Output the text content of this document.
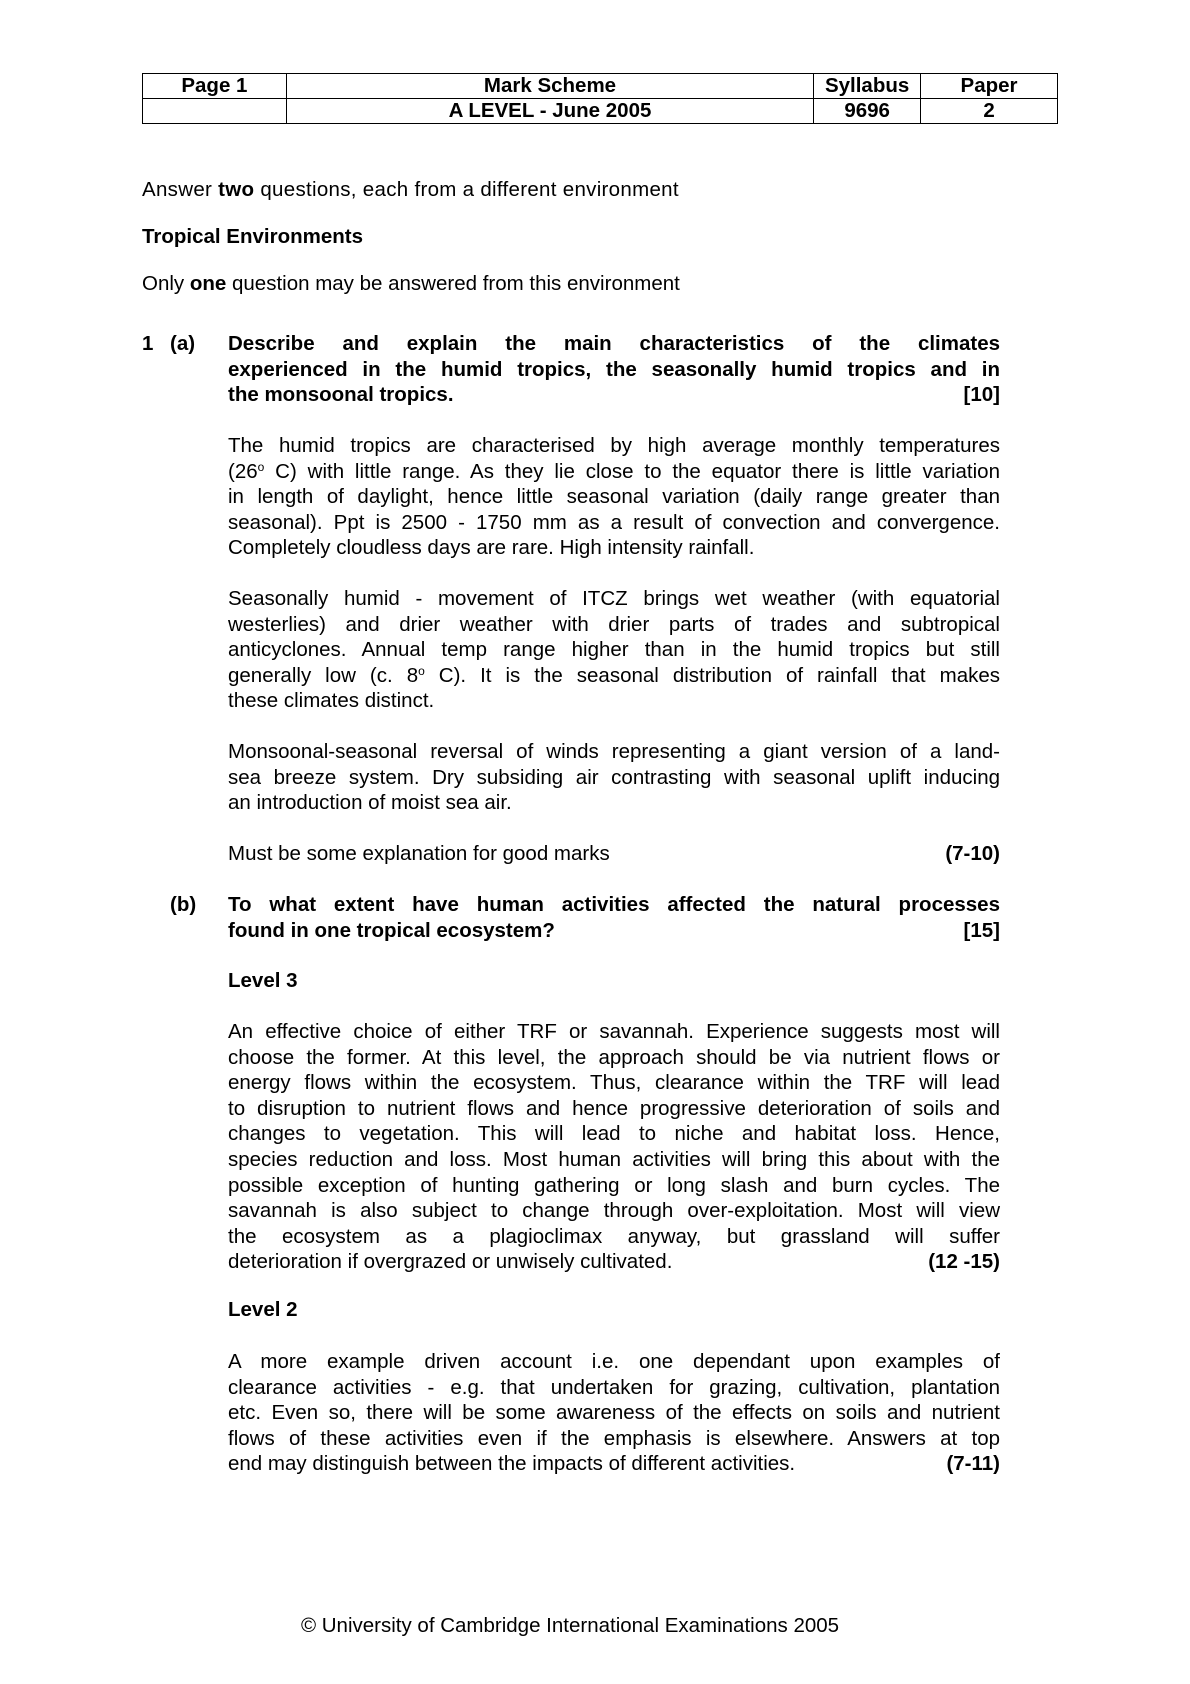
Page 1	Mark Scheme	Syllabus	Paper
	A LEVEL - June 2005	9696	2

Answer two questions, each from a different environment

Tropical Environments

Only one question may be answered from this environment

1 (a) Describe and explain the main characteristics of the climates
experienced in the humid tropics, the seasonally humid tropics and in
the monsoonal tropics.	[10]
The humid tropics are characterised by high average monthly temperatures
(26$^o$ C) with little range. As they lie close to the equator there is little variation
in length of daylight, hence little seasonal variation (daily range greater than
seasonal). Ppt is 2500 - 1750 mm as a result of convection and convergence.
Completely cloudless days are rare. High intensity rainfall.
Seasonally humid - movement of ITCZ brings wet weather (with equatorial
westerlies) and drier weather with drier parts of trades and subtropical
anticyclones. Annual temp range higher than in the humid tropics but still
generally low (c. 8$^o$ C). It is the seasonal distribution of rainfall that makes
these climates distinct.
Monsoonal-seasonal reversal of winds representing a giant version of a land-
sea breeze system. Dry subsiding air contrasting with seasonal uplift inducing
an introduction of moist sea air.
Must be some explanation for good marks	(7-10)

(b) To what extent have human activities affected the natural processes
found in one tropical ecosystem?	[15]

Level 3

An effective choice of either TRF or savannah. Experience suggests most will
choose the former. At this level, the approach should be via nutrient flows or
energy flows within the ecosystem. Thus, clearance within the TRF will lead
to disruption to nutrient flows and hence progressive deterioration of soils and
changes to vegetation. This will lead to niche and habitat loss. Hence,
species reduction and loss. Most human activities will bring this about with the
possible exception of hunting gathering or long slash and burn cycles. The
savannah is also subject to change through over-exploitation. Most will view
the ecosystem as a plagioclimax anyway, but grassland will suffer
deterioration if overgrazed or unwisely cultivated.	(12 -15)

Level 2

A more example driven account i.e. one dependant upon examples of
clearance activities - e.g. that undertaken for grazing, cultivation, plantation
etc. Even so, there will be some awareness of the effects on soils and nutrient
flows of these activities even if the emphasis is elsewhere. Answers at top
end may distinguish between the impacts of different activities.	(7-11)
© University of Cambridge International Examinations 2005
